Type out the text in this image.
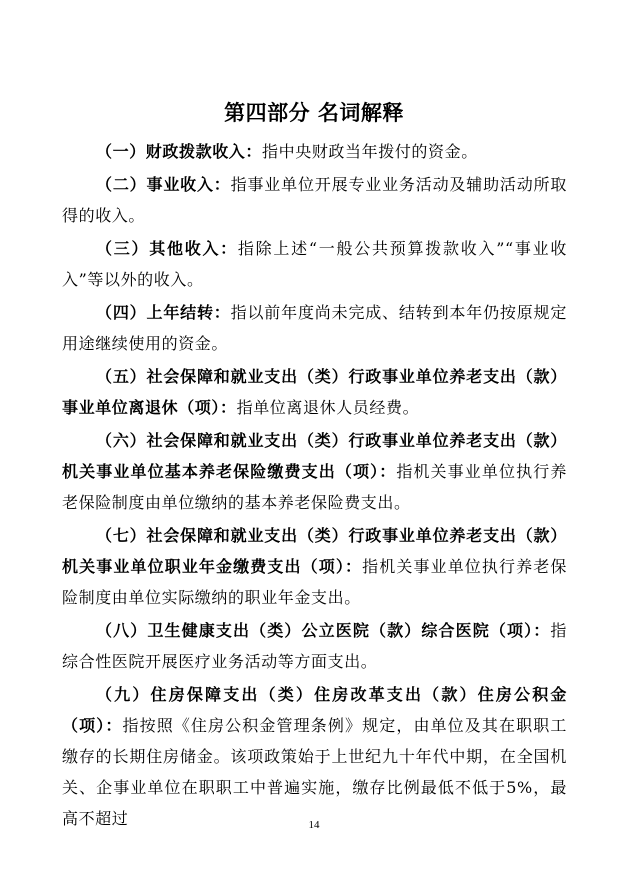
第四部分 名词解释

（一）财政拨款收入：指中央财政当年拨付的资金。

（二）事业收入：指事业单位开展专业业务活动及辅助活动所取得的收入。

（三）其他收入：指除上述“一般公共预算拨款收入”“事业收入”等以外的收入。

（四）上年结转：指以前年度尚未完成、结转到本年仍按原规定用途继续使用的资金。

（五）社会保障和就业支出（类）行政事业单位养老支出（款）事业单位离退休（项）：指单位离退休人员经费。

（六）社会保障和就业支出（类）行政事业单位养老支出（款）机关事业单位基本养老保险缴费支出（项）：指机关事业单位执行养老保险制度由单位缴纳的基本养老保险费支出。

（七）社会保障和就业支出（类）行政事业单位养老支出（款）机关事业单位职业年金缴费支出（项）：指机关事业单位执行养老保险制度由单位实际缴纳的职业年金支出。

（八）卫生健康支出（类）公立医院（款）综合医院（项）：指综合性医院开展医疗业务活动等方面支出。

（九）住房保障支出（类）住房改革支出（款）住房公积金（项）：指按照《住房公积金管理条例》规定，由单位及其在职职工缴存的长期住房储金。该项政策始于上世纪九十年代中期，在全国机关、企事业单位在职职工中普遍实施，缴存比例最低不低于5%，最高不超过	14
